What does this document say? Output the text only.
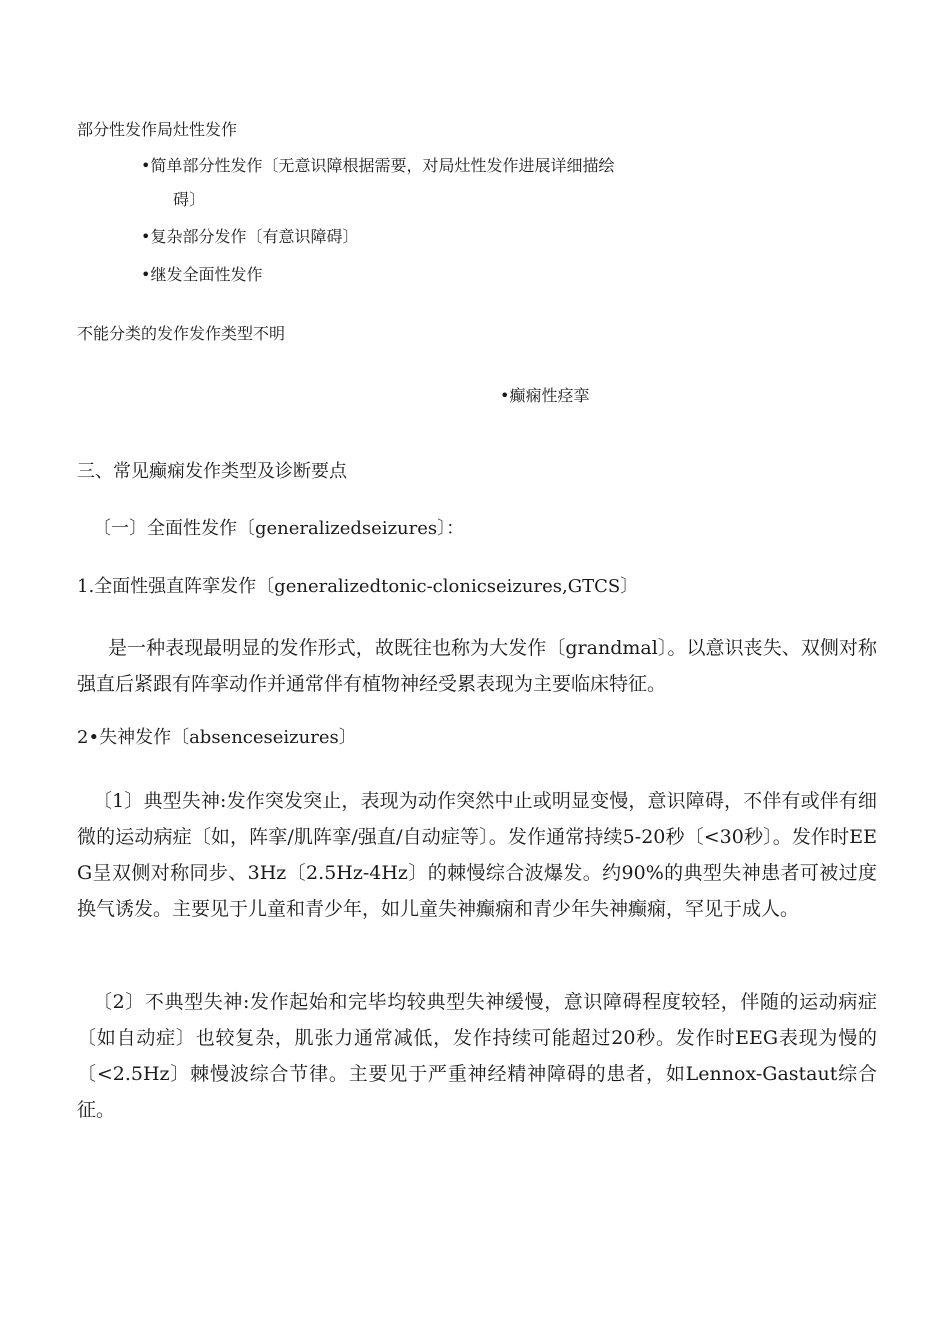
部分性发作局灶性发作

•简单部分性发作〔无意识障根据需要，对局灶性发作进展详细描绘

碍〕

•复杂部分发作〔有意识障碍〕

•继发全面性发作

不能分类的发作发作类型不明

•癫痫性痉挛

三、常见癫痫发作类型及诊断要点

〔一〕全面性发作〔generalizedseizures〕：

1.全面性强直阵挛发作〔generalizedtonic-clonicseizures,GTCS〕

是一种表现最明显的发作形式，故既往也称为大发作〔grandmal〕。以意识丧失、双侧对称强直后紧跟有阵挛动作并通常伴有植物神经受累表现为主要临床特征。

2•失神发作〔absenceseizures〕

〔1〕典型失神:发作突发突止，表现为动作突然中止或明显变慢，意识障碍，不伴有或伴有细微的运动病症〔如，阵挛/肌阵挛/强直/自动症等〕。发作通常持续5-20秒〔<30秒〕。发作时EEG呈双侧对称同步、3Hz〔2.5Hz-4Hz〕的棘慢综合波爆发。约90%的典型失神患者可被过度换气诱发。主要见于儿童和青少年，如儿童失神癫痫和青少年失神癫痫，罕见于成人。

〔2〕不典型失神:发作起始和完毕均较典型失神缓慢，意识障碍程度较轻，伴随的运动病症〔如自动症〕也较复杂，肌张力通常减低，发作持续可能超过20秒。发作时EEG表现为慢的〔<2.5Hz〕棘慢波综合节律。主要见于严重神经精神障碍的患者，如Lennox-Gastaut综合征。
